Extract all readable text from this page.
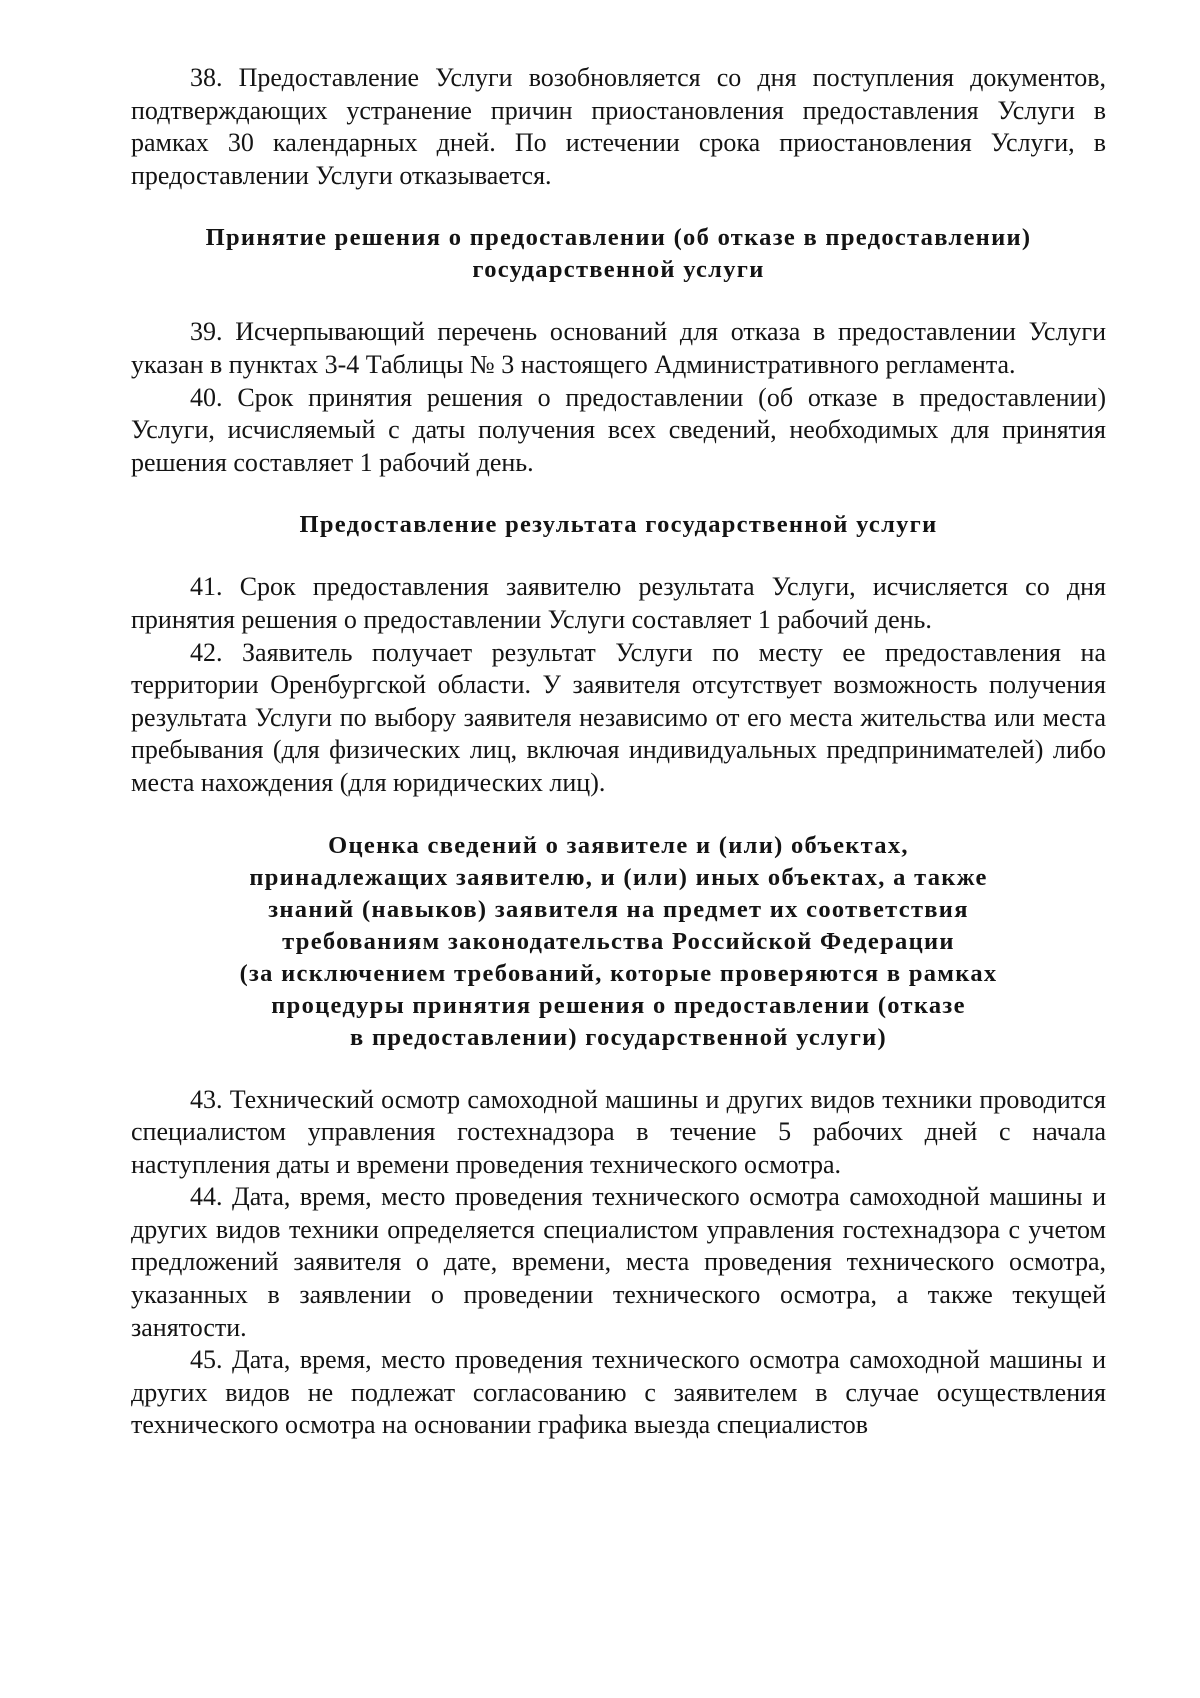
38. Предоставление Услуги возобновляется со дня поступления документов, подтверждающих устранение причин приостановления предоставления Услуги в рамках 30 календарных дней. По истечении срока приостановления Услуги, в предоставлении Услуги отказывается.

Принятие решения о предоставлении (об отказе в предоставлении)
государственной услуги

39. Исчерпывающий перечень оснований для отказа в предоставлении Услуги указан в пунктах 3-4 Таблицы № 3 настоящего Административного регламента.

40. Срок принятия решения о предоставлении (об отказе в предоставлении) Услуги, исчисляемый с даты получения всех сведений, необходимых для принятия решения составляет 1 рабочий день.

Предоставление результата государственной услуги

41. Срок предоставления заявителю результата Услуги, исчисляется со дня принятия решения о предоставлении Услуги составляет 1 рабочий день.

42. Заявитель получает результат Услуги по месту ее предоставления на территории Оренбургской области. У заявителя отсутствует возможность получения результата Услуги по выбору заявителя независимо от его места жительства или места пребывания (для физических лиц, включая индивидуальных предпринимателей) либо места нахождения (для юридических лиц).

Оценка сведений о заявителе и (или) объектах,
принадлежащих заявителю, и (или) иных объектах, а также
знаний (навыков) заявителя на предмет их соответствия
требованиям законодательства Российской Федерации
(за исключением требований, которые проверяются в рамках
процедуры принятия решения о предоставлении (отказе
в предоставлении) государственной услуги)

43. Технический осмотр самоходной машины и других видов техники проводится специалистом управления гостехнадзора в течение 5 рабочих дней с начала наступления даты и времени проведения технического осмотра.

44. Дата, время, место проведения технического осмотра самоходной машины и других видов техники определяется специалистом управления гостехнадзора с учетом предложений заявителя о дате, времени, места проведения технического осмотра, указанных в заявлении о проведении технического осмотра, а также текущей занятости.

45. Дата, время, место проведения технического осмотра самоходной машины и других видов не подлежат согласованию с заявителем в случае осуществления технического осмотра на основании графика выезда специалистов
